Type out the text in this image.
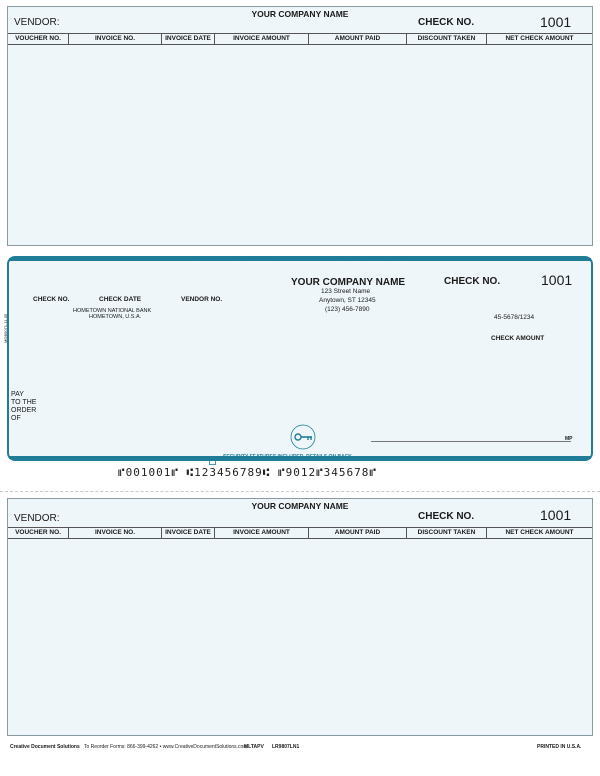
YOUR COMPANY NAME
VENDOR:	CHECK NO.	1001
VOUCHER NO.	INVOICE NO.	INVOICE DATE	INVOICE AMOUNT	AMOUNT PAID	DISCOUNT TAKEN	NET CHECK AMOUNT
THE FACE OF THIS DOCUMENT HAS A COLORED BACKGROUND ON WHITE PAPER
CHECK NO.	CHECK DATE	VENDOR NO.
HOMETOWN NATIONAL BANK
HOMETOWN, U.S.A.
YOUR COMPANY NAME
123 Street Name
Anytown, ST 12345
(123) 456-7890
CHECK NO.	1001
45-5678/1234
CHECK AMOUNT
MOB9071-11-05
PAY
TO THE
ORDER
OF
MP
⑈001001⑈ ⑆123456789⑆ ⑈9012⑈345678⑈
YOUR COMPANY NAME
VENDOR:	CHECK NO.	1001
VOUCHER NO.	INVOICE NO.	INVOICE DATE	INVOICE AMOUNT	AMOUNT PAID	DISCOUNT TAKEN	NET CHECK AMOUNT
Creative Document Solutions To Reorder Forms: 866-399-4262 • www.CreativeDocumentSolutions.com
MLTAPV LR9807LN1	PRINTED IN U.S.A.
